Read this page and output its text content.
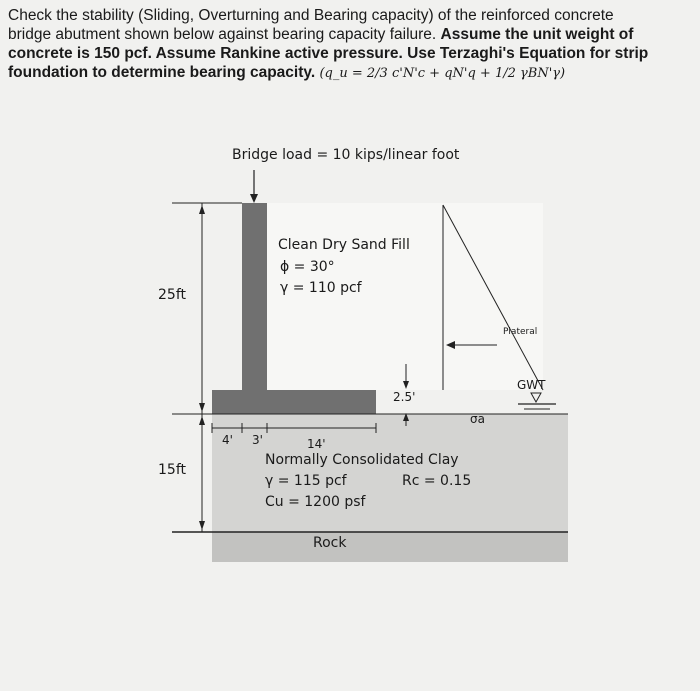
Check the stability (Sliding, Overturning and Bearing capacity) of the reinforced concrete
bridge abutment shown below against bearing capacity failure. Assume the unit weight of
concrete is 150 pcf. Assume Rankine active pressure. Use Terzaghi's Equation for strip
foundation to determine bearing capacity. (q_u = 2/3 c'N'c + qN'q + 1/2 γBN'γ)
Bridge load = 10 kips/linear foot
Clean Dry Sand Fill
ϕ = 30°
γ = 110 pcf
25ft
15ft
Plateral
GWT
2.5'
σa
4' 3'	14'
Normally Consolidated Clay
γ = 115 pcf	Rc = 0.15
Cu = 1200 psf
Rock
